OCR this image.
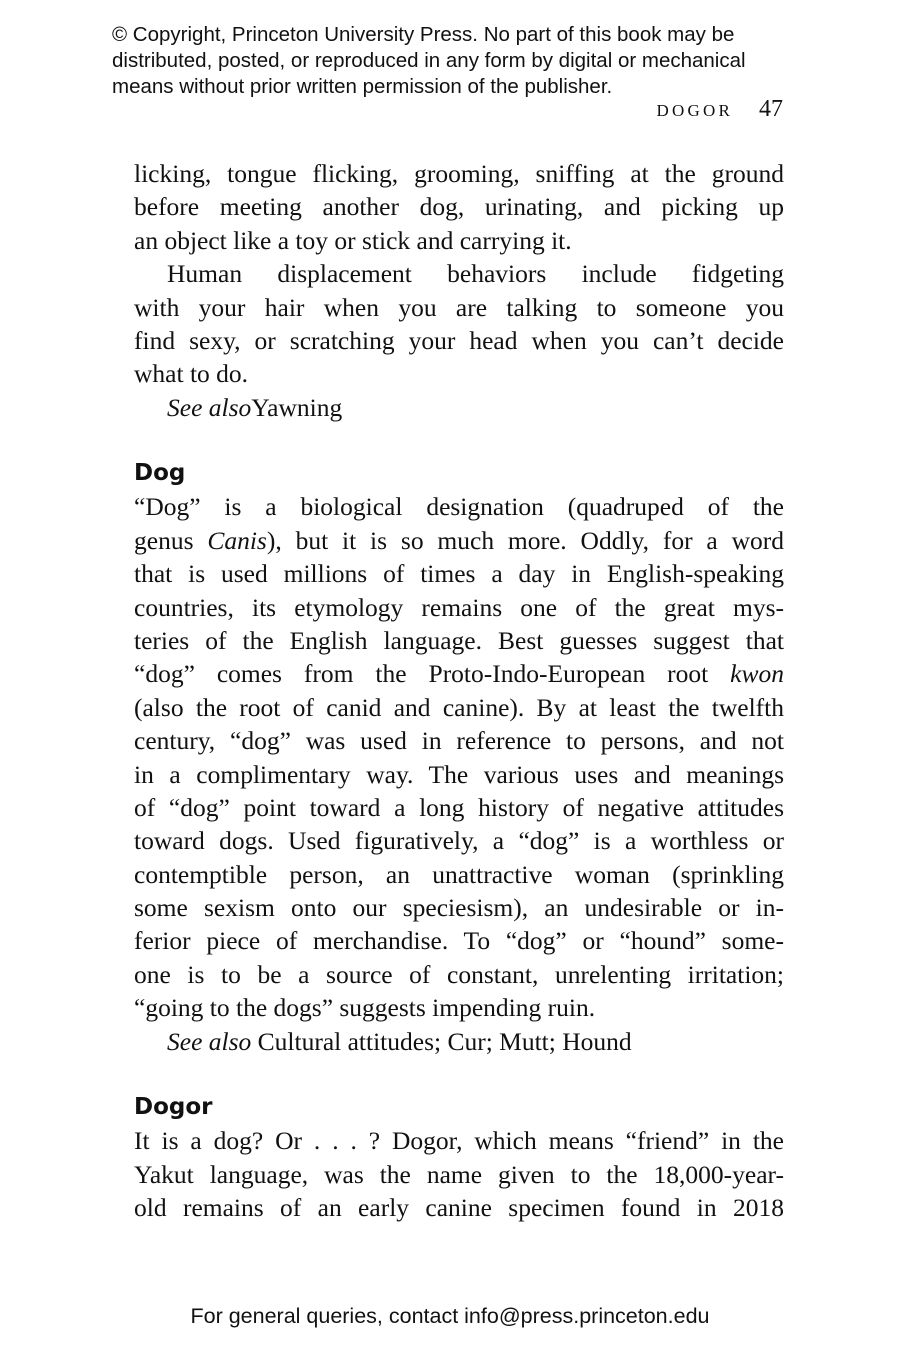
© Copyright, Princeton University Press. No part of this book may be
distributed, posted, or reproduced in any form by digital or mechanical
means without prior written permission of the publisher.
DOGOR 47
licking, tongue flicking, grooming, sniffing at the ground
before meeting another dog, urinating, and picking up
an object like a toy or stick and carrying it.
Human displacement behaviors include fidgeting
with your hair when you are talking to someone you
find sexy, or scratching your head when you can’t decide
what to do.
See alsoYawning
Dog
“Dog” is a biological designation (quadruped of the
genus Canis), but it is so much more. Oddly, for a word
that is used millions of times a day in English-speaking
countries, its etymology remains one of the great mys-
teries of the English language. Best guesses suggest that
“dog” comes from the Proto-Indo-European root kwon
(also the root of canid and canine). By at least the twelfth
century, “dog” was used in reference to persons, and not
in a complimentary way. The various uses and meanings
of “dog” point toward a long history of negative attitudes
toward dogs. Used figuratively, a “dog” is a worthless or
contemptible person, an unattractive woman (sprinkling
some sexism onto our speciesism), an undesirable or in-
ferior piece of merchandise. To “dog” or “hound” some-
one is to be a source of constant, unrelenting irritation;
“going to the dogs” suggests impending ruin.
See also Cultural attitudes; Cur; Mutt; Hound
Dogor
It is a dog? Or . . . ? Dogor, which means “friend” in the
Yakut language, was the name given to the 18,000-year-
old remains of an early canine specimen found in 2018
For general queries, contact info@press.princeton.edu
